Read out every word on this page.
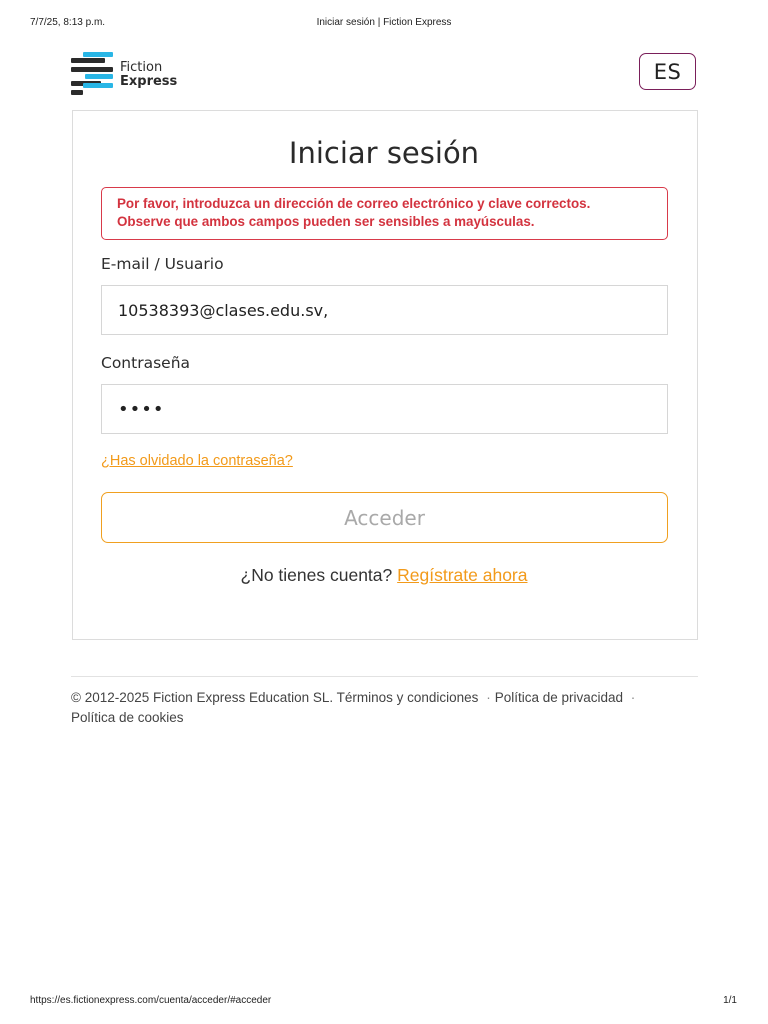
7/7/25, 8:13 p.m.	Iniciar sesión | Fiction Express
Fiction
Express	ES
Iniciar sesión
Por favor, introduzca un dirección de correo electrónico y clave correctos.
Observe que ambos campos pueden ser sensibles a mayúsculas.
E-mail / Usuario
10538393@clases.edu.sv,
Contraseña
••••
¿Has olvidado la contraseña?
Acceder
¿No tienes cuenta? Regístrate ahora
© 2012-2025 Fiction Express Education SL. Términos y condiciones · Política de privacidad ·
Política de cookies
https://es.fictionexpress.com/cuenta/acceder/#acceder	1/1
